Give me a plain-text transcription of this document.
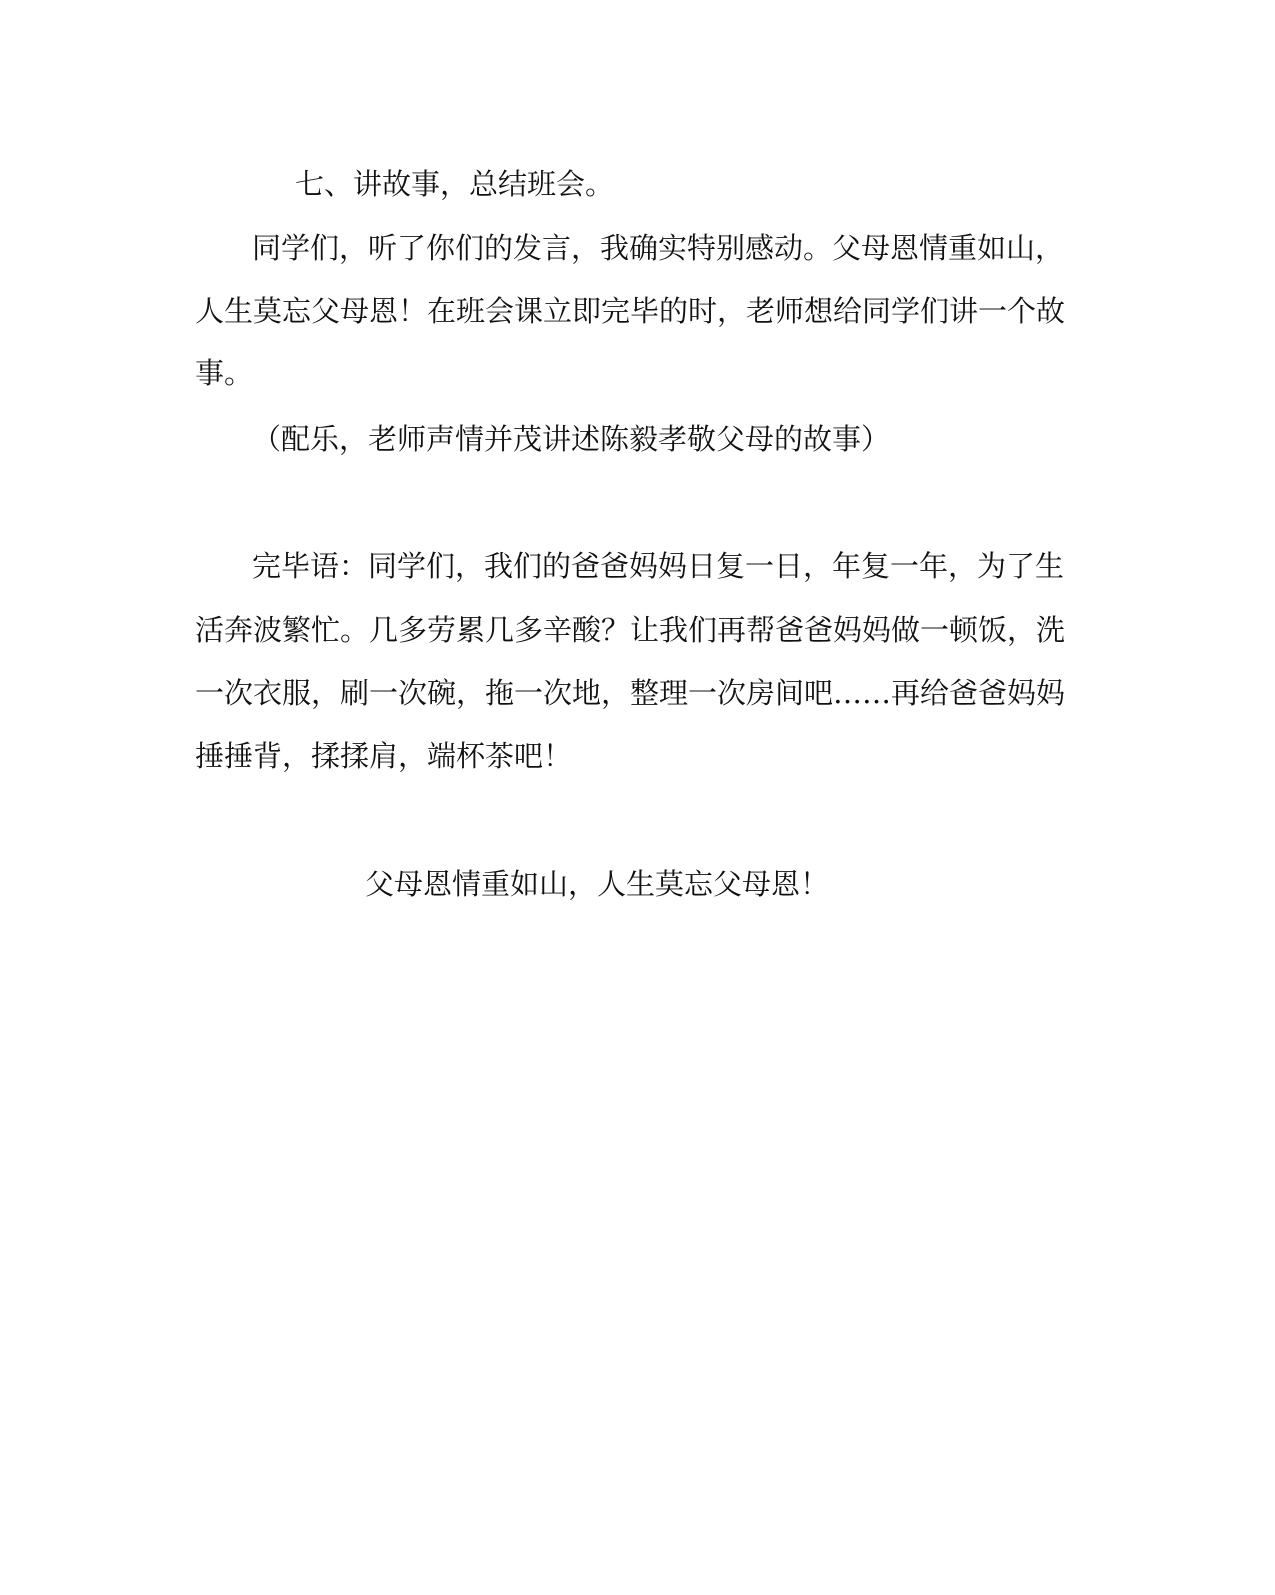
七、讲故事，总结班会。
同学们，听了你们的发言，我确实特别感动。父母恩情重如山，
人生莫忘父母恩！在班会课立即完毕的时，老师想给同学们讲一个故
事。
（配乐，老师声情并茂讲述陈毅孝敬父母的故事）
完毕语：同学们，我们的爸爸妈妈日复一日，年复一年，为了生
活奔波繁忙。几多劳累几多辛酸？让我们再帮爸爸妈妈做一顿饭，洗
一次衣服，刷一次碗，拖一次地，整理一次房间吧……再给爸爸妈妈
捶捶背，揉揉肩，端杯茶吧！
父母恩情重如山，人生莫忘父母恩！
